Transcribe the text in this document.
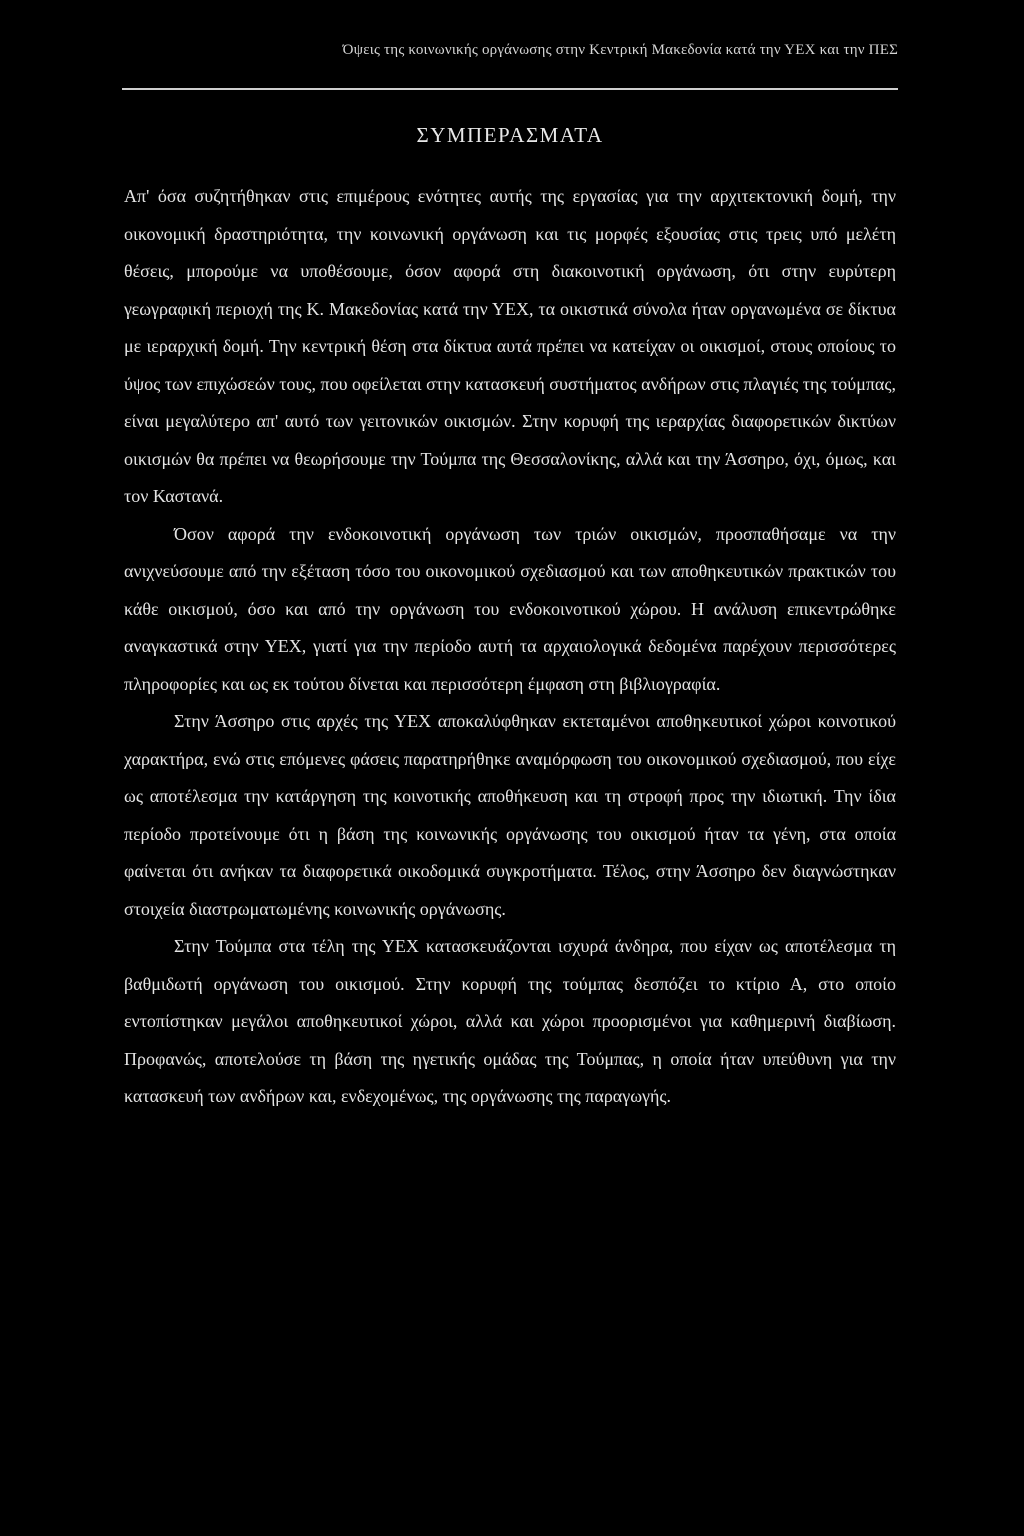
Όψεις της κοινωνικής οργάνωσης στην Κεντρική Μακεδονία κατά την ΥΕΧ και την ΠΕΣ
ΣΥΜΠΕΡΑΣΜΑΤΑ

Απ' όσα συζητήθηκαν στις επιμέρους ενότητες αυτής της εργασίας για την αρχιτεκτονική δομή, την οικονομική δραστηριότητα, την κοινωνική οργάνωση και τις μορφές εξουσίας στις τρεις υπό μελέτη θέσεις, μπορούμε να υποθέσουμε, όσον αφορά στη διακοινοτική οργάνωση, ότι στην ευρύτερη γεωγραφική περιοχή της Κ. Μακεδονίας κατά την ΥΕΧ, τα οικιστικά σύνολα ήταν οργανωμένα σε δίκτυα με ιεραρχική δομή. Την κεντρική θέση στα δίκτυα αυτά πρέπει να κατείχαν οι οικισμοί, στους οποίους το ύψος των επιχώσεών τους, που οφείλεται στην κατασκευή συστήματος ανδήρων στις πλαγιές της τούμπας, είναι μεγαλύτερο απ' αυτό των γειτονικών οικισμών. Στην κορυφή της ιεραρχίας διαφορετικών δικτύων οικισμών θα πρέπει να θεωρήσουμε την Τούμπα της Θεσσαλονίκης, αλλά και την Άσσηρο, όχι, όμως, και τον Καστανά.

Όσον αφορά την ενδοκοινοτική οργάνωση των τριών οικισμών, προσπαθήσαμε να την ανιχνεύσουμε από την εξέταση τόσο του οικονομικού σχεδιασμού και των αποθηκευτικών πρακτικών του κάθε οικισμού, όσο και από την οργάνωση του ενδοκοινοτικού χώρου. Η ανάλυση επικεντρώθηκε αναγκαστικά στην ΥΕΧ, γιατί για την περίοδο αυτή τα αρχαιολογικά δεδομένα παρέχουν περισσότερες πληροφορίες και ως εκ τούτου δίνεται και περισσότερη έμφαση στη βιβλιογραφία.

Στην Άσσηρο στις αρχές της ΥΕΧ αποκαλύφθηκαν εκτεταμένοι αποθηκευτικοί χώροι κοινοτικού χαρακτήρα, ενώ στις επόμενες φάσεις παρατηρήθηκε αναμόρφωση του οικονομικού σχεδιασμού, που είχε ως αποτέλεσμα την κατάργηση της κοινοτικής αποθήκευση και τη στροφή προς την ιδιωτική. Την ίδια περίοδο προτείνουμε ότι η βάση της κοινωνικής οργάνωσης του οικισμού ήταν τα γένη, στα οποία φαίνεται ότι ανήκαν τα διαφορετικά οικοδομικά συγκροτήματα. Τέλος, στην Άσσηρο δεν διαγνώστηκαν στοιχεία διαστρωματωμένης κοινωνικής οργάνωσης.

Στην Τούμπα στα τέλη της ΥΕΧ κατασκευάζονται ισχυρά άνδηρα, που είχαν ως αποτέλεσμα τη βαθμιδωτή οργάνωση του οικισμού. Στην κορυφή της τούμπας δεσπόζει το κτίριο Α, στο οποίο εντοπίστηκαν μεγάλοι αποθηκευτικοί χώροι, αλλά και χώροι προορισμένοι για καθημερινή διαβίωση. Προφανώς, αποτελούσε τη βάση της ηγετικής ομάδας της Τούμπας, η οποία ήταν υπεύθυνη για την κατασκευή των ανδήρων και, ενδεχομένως, της οργάνωσης της παραγωγής.
